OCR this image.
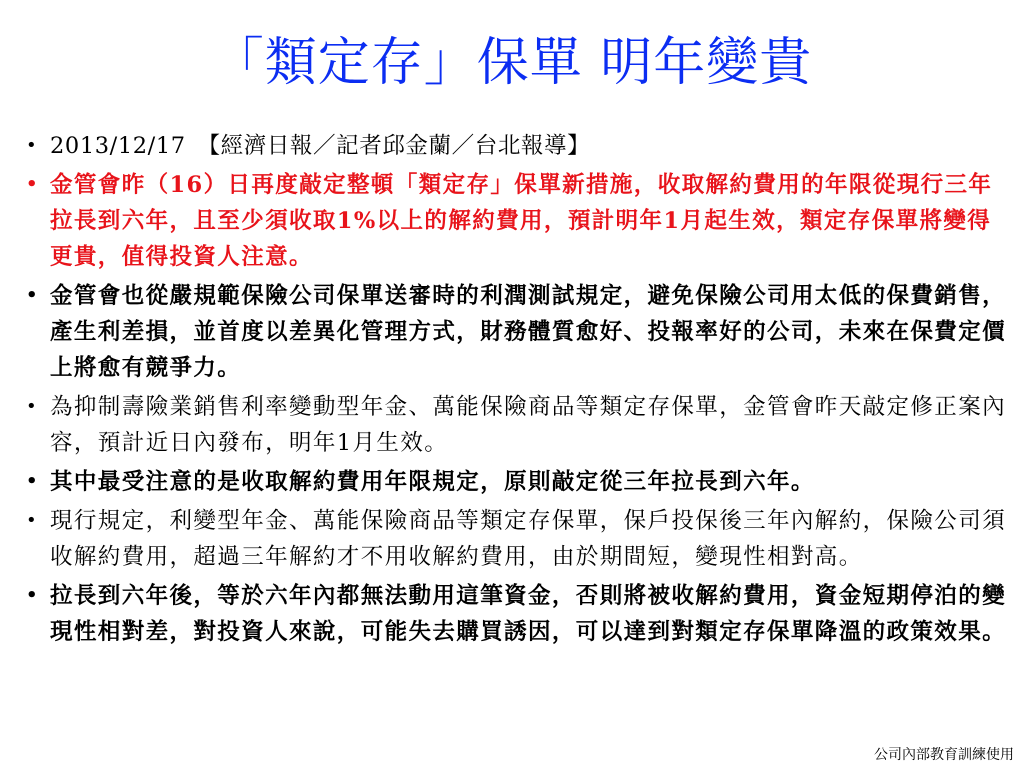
「類定存」保單 明年變貴
• 2013/12/17　【經濟日報／記者邱金蘭／台北報導】
• 金管會昨（16）日再度敲定整頓「類定存」保單新措施，收取解約費用的年限從現行三年拉長到六年，且至少須收取1%以上的解約費用，預計明年1月起生效，類定存保單將變得更貴，值得投資人注意。
• 金管會也從嚴規範保險公司保單送審時的利潤測試規定，避免保險公司用太低的保費銷售，產生利差損，並首度以差異化管理方式，財務體質愈好、投報率好的公司，未來在保費定價上將愈有競爭力。
• 為抑制壽險業銷售利率變動型年金、萬能保險商品等類定存保單，金管會昨天敲定修正案內容，預計近日內發布，明年1月生效。
• 其中最受注意的是收取解約費用年限規定，原則敲定從三年拉長到六年。
• 現行規定，利變型年金、萬能保險商品等類定存保單，保戶投保後三年內解約，保險公司須收解約費用，超過三年解約才不用收解約費用，由於期間短，變現性相對高。
• 拉長到六年後，等於六年內都無法動用這筆資金，否則將被收解約費用，資金短期停泊的變現性相對差，對投資人來說，可能失去購買誘因，可以達到對類定存保單降溫的政策效果。
公司內部教育訓練使用
